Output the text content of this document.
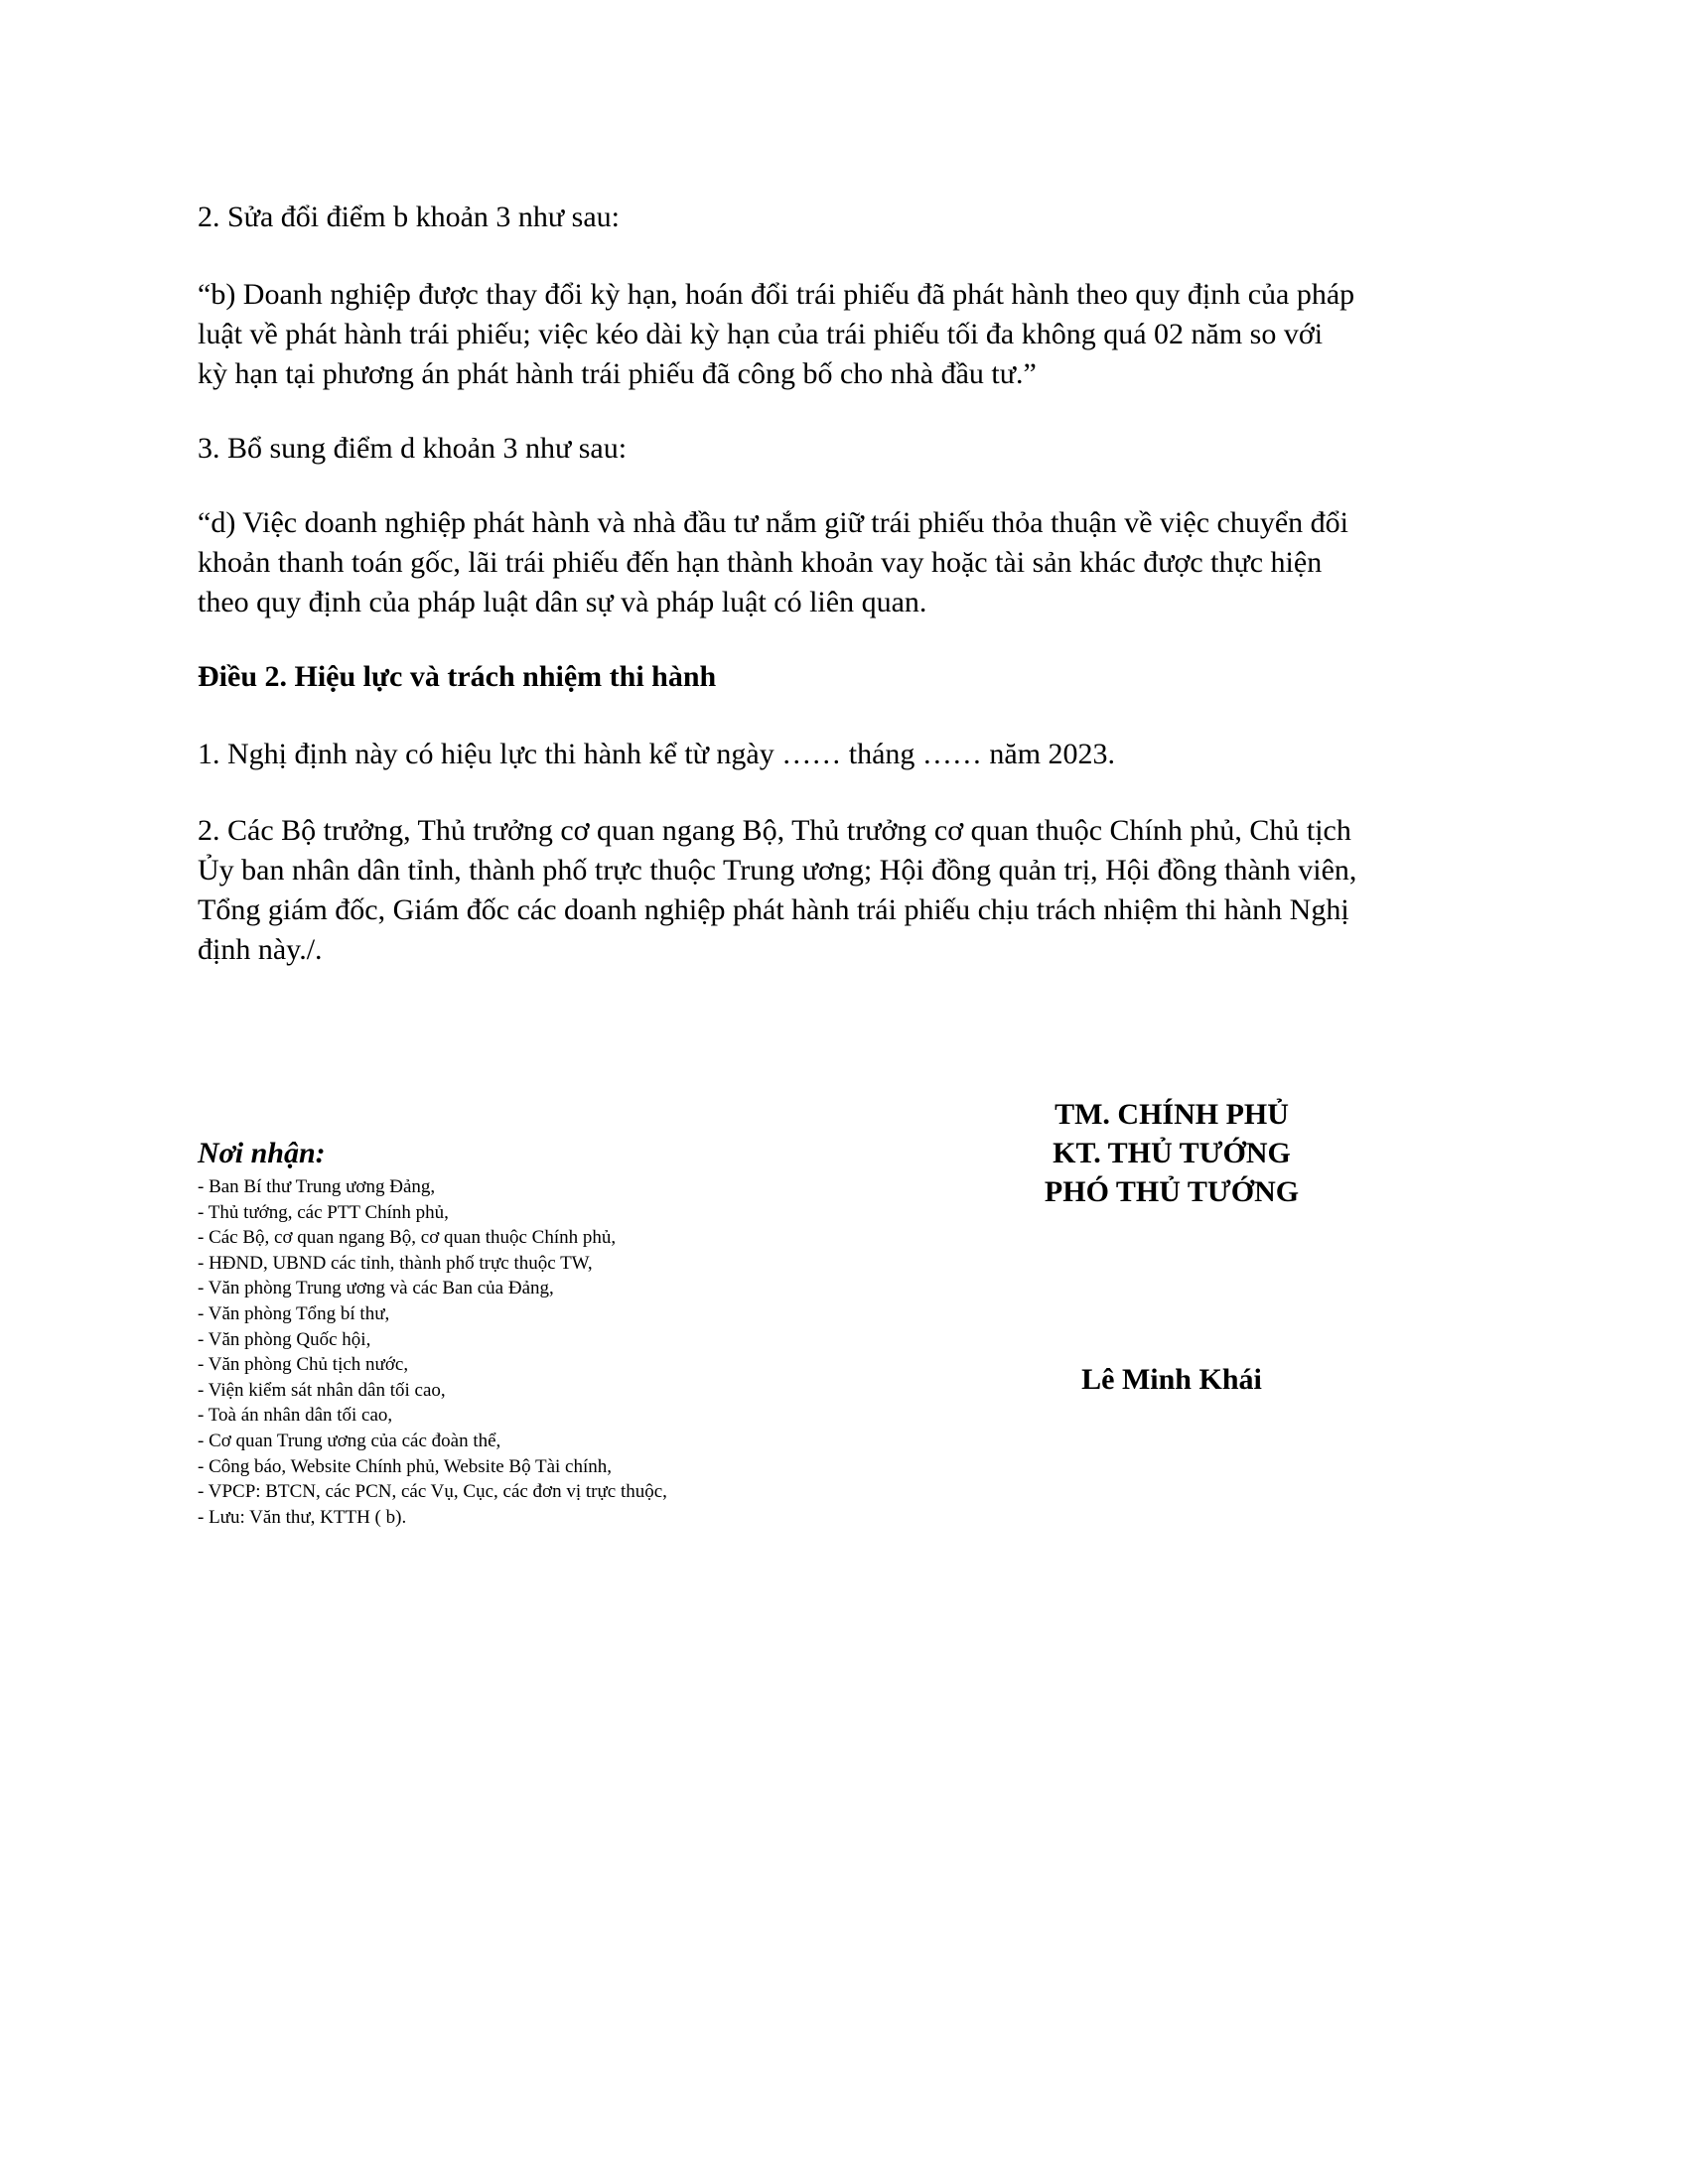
2. Sửa đổi điểm b khoản 3 như sau:

“b) Doanh nghiệp được thay đổi kỳ hạn, hoán đổi trái phiếu đã phát hành theo quy định của pháp
luật về phát hành trái phiếu; việc kéo dài kỳ hạn của trái phiếu tối đa không quá 02 năm so với
kỳ hạn tại phương án phát hành trái phiếu đã công bố cho nhà đầu tư.”

3. Bổ sung điểm d khoản 3 như sau:

“d) Việc doanh nghiệp phát hành và nhà đầu tư nắm giữ trái phiếu thỏa thuận về việc chuyển đổi
khoản thanh toán gốc, lãi trái phiếu đến hạn thành khoản vay hoặc tài sản khác được thực hiện
theo quy định của pháp luật dân sự và pháp luật có liên quan.

Điều 2. Hiệu lực và trách nhiệm thi hành

1. Nghị định này có hiệu lực thi hành kể từ ngày …… tháng …… năm 2023.

2. Các Bộ trưởng, Thủ trưởng cơ quan ngang Bộ, Thủ trưởng cơ quan thuộc Chính phủ, Chủ tịch
Ủy ban nhân dân tỉnh, thành phố trực thuộc Trung ương; Hội đồng quản trị, Hội đồng thành viên,
Tổng giám đốc, Giám đốc các doanh nghiệp phát hành trái phiếu chịu trách nhiệm thi hành Nghị
định này./.

Nơi nhận:
- Ban Bí thư Trung ương Đảng,
- Thủ tướng, các PTT Chính phủ,
- Các Bộ, cơ quan ngang Bộ, cơ quan thuộc Chính phủ,
- HĐND, UBND các tỉnh, thành phố trực thuộc TW,
- Văn phòng Trung ương và các Ban của Đảng,
- Văn phòng Tổng bí thư,
- Văn phòng Quốc hội,
- Văn phòng Chủ tịch nước,
- Viện kiểm sát nhân dân tối cao,
- Toà án nhân dân tối cao,
- Cơ quan Trung ương của các đoàn thể,
- Công báo, Website Chính phủ, Website Bộ Tài chính,
- VPCP: BTCN, các PCN, các Vụ, Cục, các đơn vị trực thuộc,
- Lưu: Văn thư, KTTH ( b).
TM. CHÍNH PHỦ
KT. THỦ TƯỚNG
PHÓ THỦ TƯỚNG
Lê Minh Khái
